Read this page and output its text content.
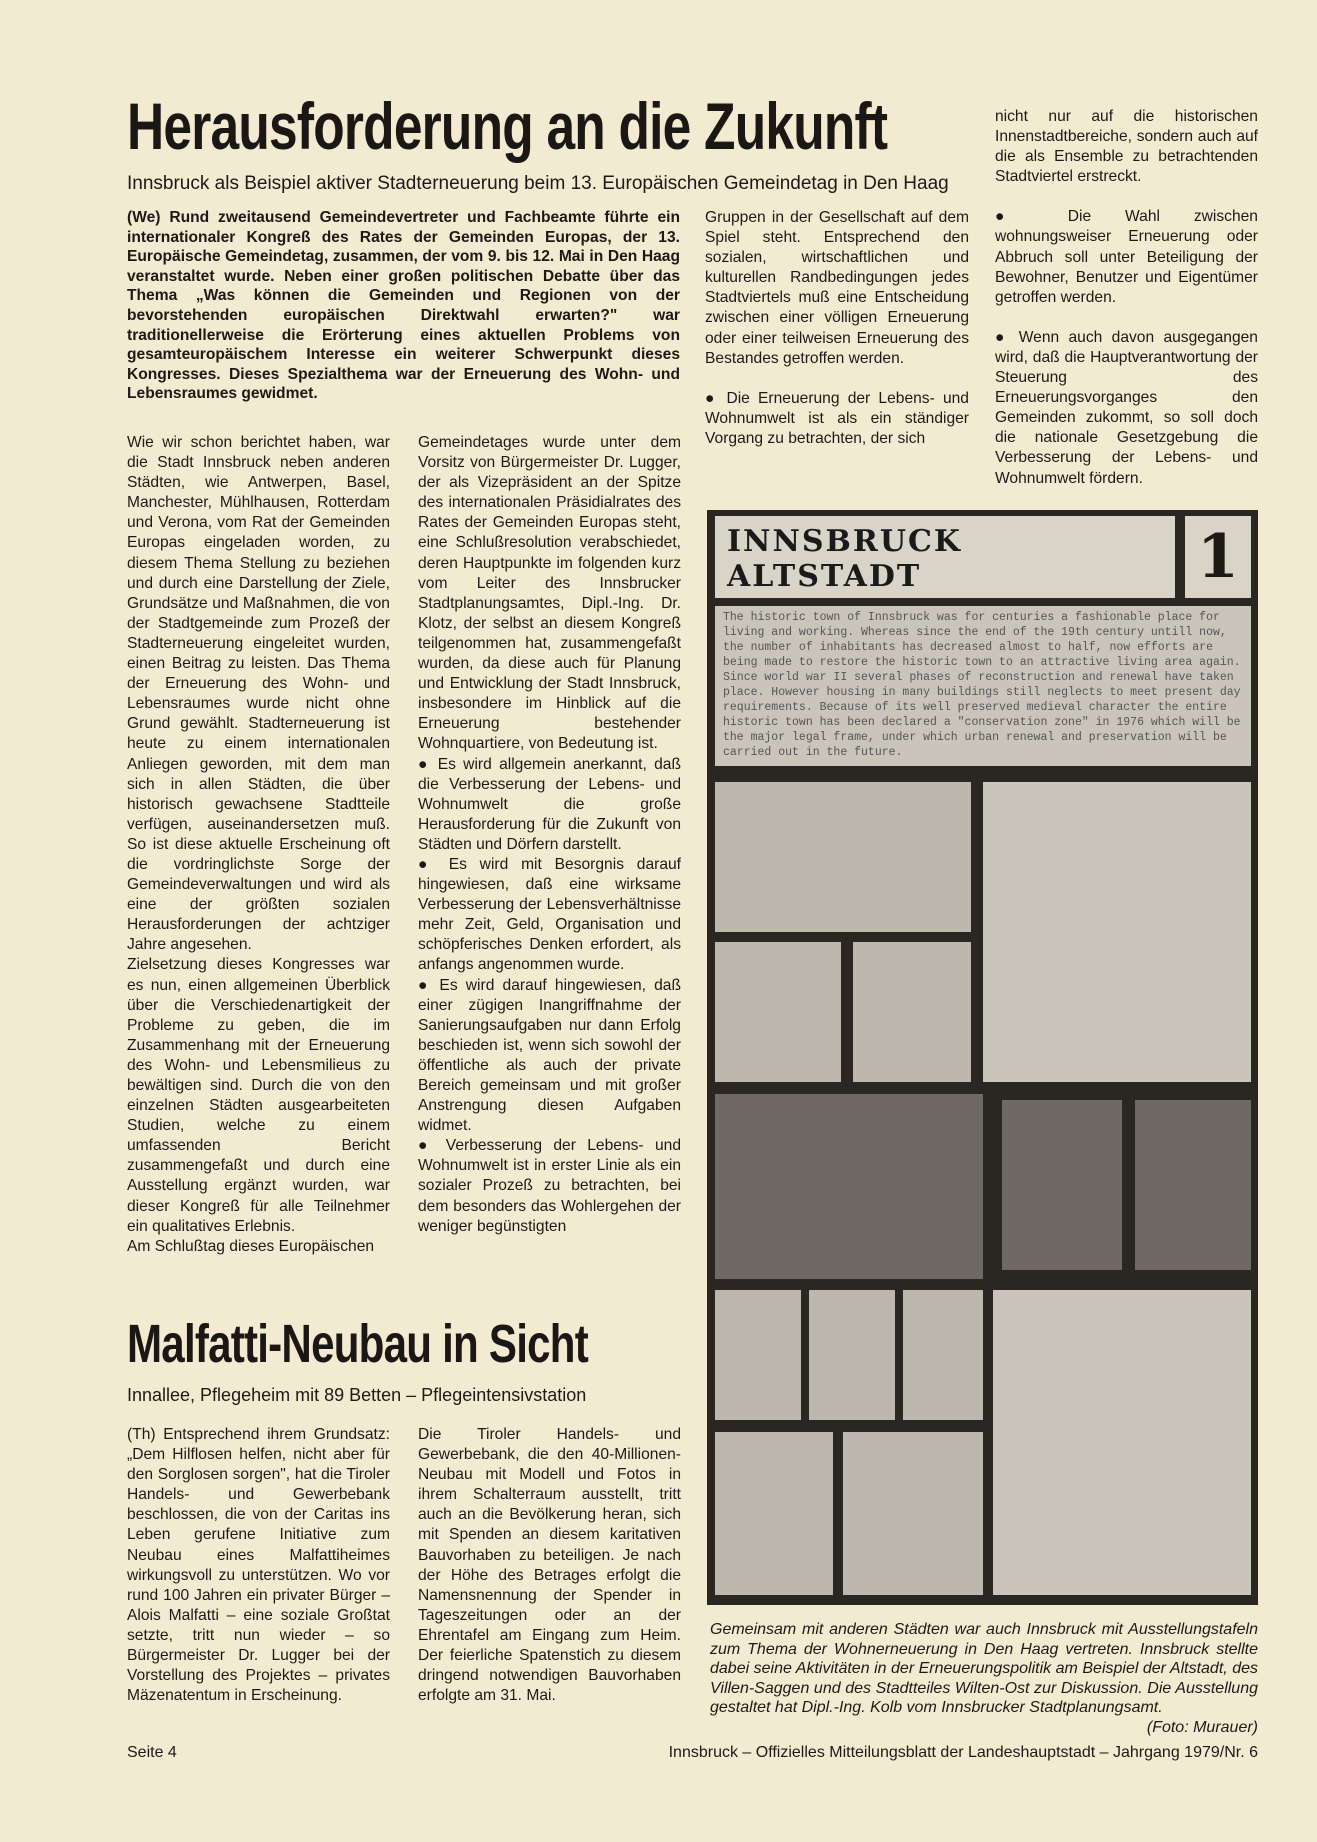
Herausforderung an die Zukunft
Innsbruck als Beispiel aktiver Stadterneuerung beim 13. Europäischen Gemeindetag in Den Haag
(We) Rund zweitausend Gemeindevertreter und Fachbeamte führte ein internationaler Kongreß des Rates der Gemeinden Europas, der 13. Europäische Gemeindetag, zusammen, der vom 9. bis 12. Mai in Den Haag veranstaltet wurde. Neben einer großen politischen Debatte über das Thema „Was können die Gemeinden und Regionen von der bevorstehenden europäischen Direktwahl erwarten?" war traditionellerweise die Erörterung eines aktuellen Problems von gesamteuropäischem Interesse ein weiterer Schwerpunkt dieses Kongresses. Dieses Spezialthema war der Erneuerung des Wohn- und Lebensraumes gewidmet.

Wie wir schon berichtet haben, war die Stadt Innsbruck neben anderen Städten, wie Antwerpen, Basel, Manchester, Mühlhausen, Rotterdam und Verona, vom Rat der Gemeinden Europas eingeladen worden, zu diesem Thema Stellung zu beziehen und durch eine Darstellung der Ziele, Grundsätze und Maßnahmen, die von der Stadtgemeinde zum Prozeß der Stadterneuerung eingeleitet wurden, einen Beitrag zu leisten. Das Thema der Erneuerung des Wohn- und Lebensraumes wurde nicht ohne Grund gewählt. Stadterneuerung ist heute zu einem internationalen Anliegen geworden, mit dem man sich in allen Städten, die über historisch gewachsene Stadtteile verfügen, auseinandersetzen muß. So ist diese aktuelle Erscheinung oft die vordringlichste Sorge der Gemeindeverwaltungen und wird als eine der größten sozialen Herausforderungen der achtziger Jahre angesehen.

Zielsetzung dieses Kongresses war es nun, einen allgemeinen Überblick über die Verschiedenartigkeit der Probleme zu geben, die im Zusammenhang mit der Erneuerung des Wohn- und Lebensmilieus zu bewältigen sind. Durch die von den einzelnen Städten ausgearbeiteten Studien, welche zu einem umfassenden Bericht zusammengefaßt und durch eine Ausstellung ergänzt wurden, war dieser Kongreß für alle Teilnehmer ein qualitatives Erlebnis.

Am Schlußtag dieses Europäischen

Gemeindetages wurde unter dem Vorsitz von Bürgermeister Dr. Lugger, der als Vizepräsident an der Spitze des internationalen Präsidialrates des Rates der Gemeinden Europas steht, eine Schlußresolution verabschiedet, deren Hauptpunkte im folgenden kurz vom Leiter des Innsbrucker Stadtplanungsamtes, Dipl.-Ing. Dr. Klotz, der selbst an diesem Kongreß teilgenommen hat, zusammengefaßt wurden, da diese auch für Planung und Entwicklung der Stadt Innsbruck, insbesondere im Hinblick auf die Erneuerung bestehender Wohnquartiere, von Bedeutung ist.

● Es wird allgemein anerkannt, daß die Verbesserung der Lebens- und Wohnumwelt die große Herausforderung für die Zukunft von Städten und Dörfern darstellt.

● Es wird mit Besorgnis darauf hingewiesen, daß eine wirksame Verbesserung der Lebensverhältnisse mehr Zeit, Geld, Organisation und schöpferisches Denken erfordert, als anfangs angenommen wurde.

● Es wird darauf hingewiesen, daß einer zügigen Inangriffnahme der Sanierungsaufgaben nur dann Erfolg beschieden ist, wenn sich sowohl der öffentliche als auch der private Bereich gemeinsam und mit großer Anstrengung diesen Aufgaben widmet.

● Verbesserung der Lebens- und Wohnumwelt ist in erster Linie als ein sozialer Prozeß zu betrachten, bei dem besonders das Wohlergehen der weniger begünstigten

Gruppen in der Gesellschaft auf dem Spiel steht. Entsprechend den sozialen, wirtschaftlichen und kulturellen Randbedingungen jedes Stadtviertels muß eine Entscheidung zwischen einer völligen Erneuerung oder einer teilweisen Erneuerung des Bestandes getroffen werden.

● Die Erneuerung der Lebens- und Wohnumwelt ist als ein ständiger Vorgang zu betrachten, der sich

nicht nur auf die historischen Innenstadtbereiche, sondern auch auf die als Ensemble zu betrachtenden Stadtviertel erstreckt.

● Die Wahl zwischen wohnungsweiser Erneuerung oder Abbruch soll unter Beteiligung der Bewohner, Benutzer und Eigentümer getroffen werden.

● Wenn auch davon ausgegangen wird, daß die Hauptverantwortung der Steuerung des Erneuerungsvorganges den Gemeinden zukommt, so soll doch die nationale Gesetzgebung die Verbesserung der Lebens- und Wohnumwelt fördern.

INNSBRUCK ALTSTADT	1
The historic town of Innsbruck was for centuries a fashionable place for living and working. Whereas since the end of the 19th century untill now, the number of inhabitants has decreased almost to half, now efforts are being made to restore the historic town to an attractive living area again. Since world war II several phases of reconstruction and renewal have taken place. However housing in many buildings still neglects to meet present day requirements. Because of its well preserved medieval character the entire historic town has been declared a "conservation zone" in 1976 which will be the major legal frame, under which urban renewal and preservation will be carried out in the future.
Gemeinsam mit anderen Städten war auch Innsbruck mit Ausstellungstafeln zum Thema der Wohnerneuerung in Den Haag vertreten. Innsbruck stellte dabei seine Aktivitäten in der Erneuerungspolitik am Beispiel der Altstadt, des Villen-Saggen und des Stadtteiles Wilten-Ost zur Diskussion. Die Ausstellung gestaltet hat Dipl.-Ing. Kolb vom Innsbrucker Stadtplanungsamt.
(Foto: Murauer)
Malfatti-Neubau in Sicht
Innallee, Pflegeheim mit 89 Betten – Pflegeintensivstation
(Th) Entsprechend ihrem Grundsatz: „Dem Hilflosen helfen, nicht aber für den Sorglosen sorgen", hat die Tiroler Handels- und Gewerbebank beschlossen, die von der Caritas ins Leben gerufene Initiative zum Neubau eines Malfattiheimes wirkungsvoll zu unterstützen. Wo vor rund 100 Jahren ein privater Bürger – Alois Malfatti – eine soziale Großtat setzte, tritt nun wieder – so Bürgermeister Dr. Lugger bei der Vorstellung des Projektes – privates Mäzenatentum in Erscheinung.
Die Tiroler Handels- und Gewerbebank, die den 40-Millionen-Neubau mit Modell und Fotos in ihrem Schalterraum ausstellt, tritt auch an die Bevölkerung heran, sich mit Spenden an diesem karitativen Bauvorhaben zu beteiligen. Je nach der Höhe des Betrages erfolgt die Namensnennung der Spender in Tageszeitungen oder an der Ehrentafel am Eingang zum Heim. Der feierliche Spatenstich zu diesem dringend notwendigen Bauvorhaben erfolgte am 31. Mai.
Seite 4	Innsbruck – Offizielles Mitteilungsblatt der Landeshauptstadt – Jahrgang 1979/Nr. 6
